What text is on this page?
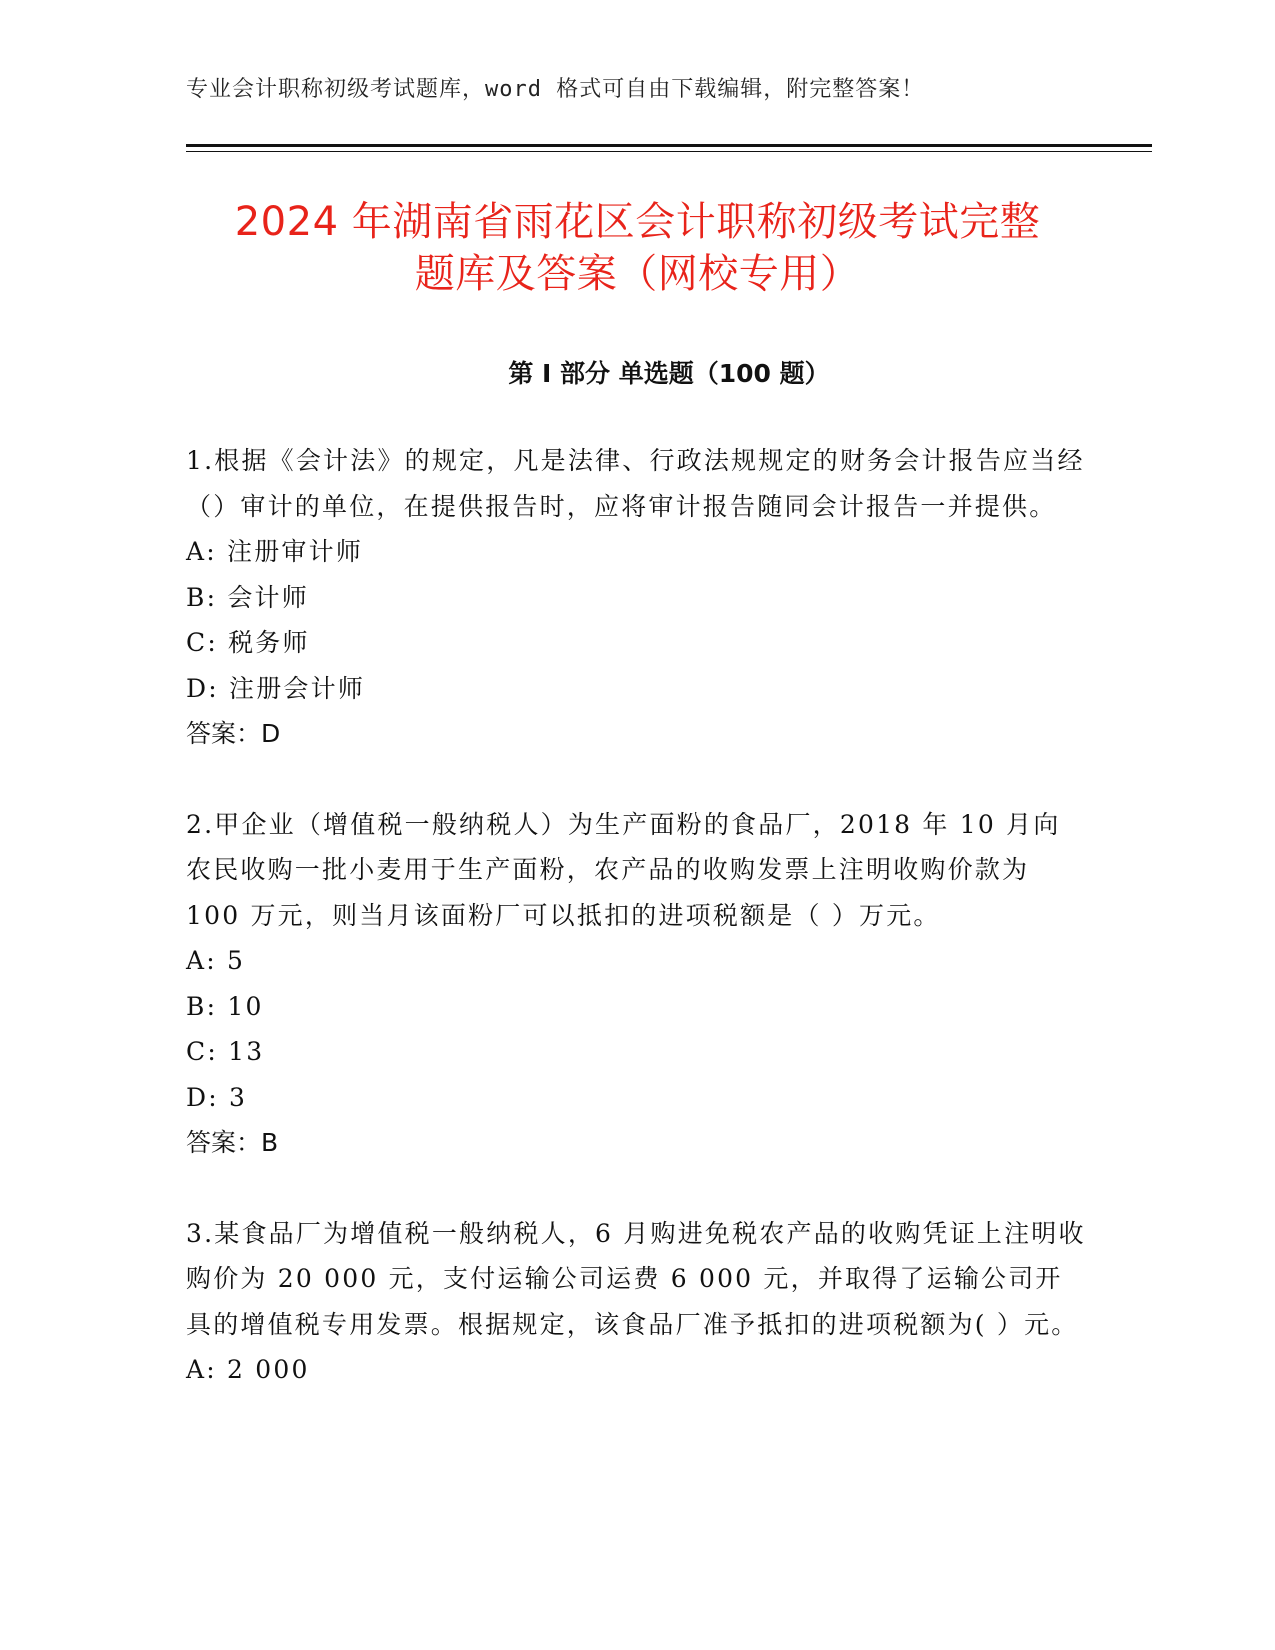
专业会计职称初级考试题库，word 格式可自由下载编辑，附完整答案！
2024 年湖南省雨花区会计职称初级考试完整
题库及答案（网校专用）
第 I 部分 单选题（100 题）

1.根据《会计法》的规定，凡是法律、行政法规规定的财务会计报告应当经（）审计的单位，在提供报告时，应将审计报告随同会计报告一并提供。

A: 注册审计师

B: 会计师

C: 税务师

D: 注册会计师

答案：D

2.甲企业（增值税一般纳税人）为生产面粉的食品厂，2018 年 10 月向农民收购一批小麦用于生产面粉，农产品的收购发票上注明收购价款为 100 万元，则当月该面粉厂可以抵扣的进项税额是（ ）万元。

A: 5

B: 10

C: 13

D: 3

答案：B

3.某食品厂为增值税一般纳税人，6 月购进免税农产品的收购凭证上注明收购价为 20 000 元，支付运输公司运费 6 000 元，并取得了运输公司开具的增值税专用发票。根据规定，该食品厂准予抵扣的进项税额为( ）元。

A: 2 000
